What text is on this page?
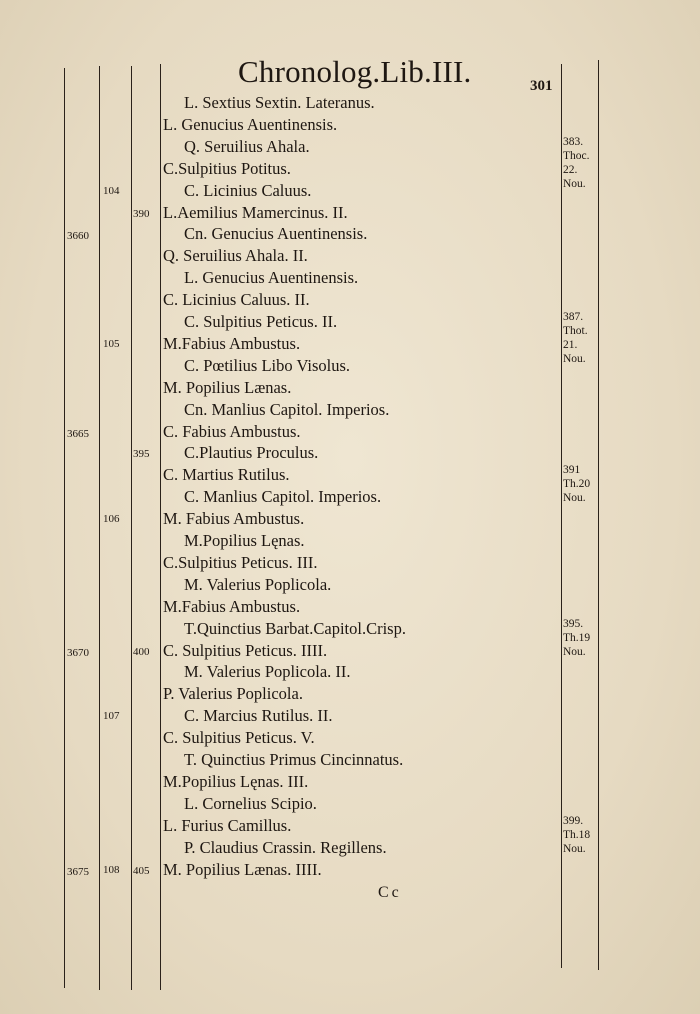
Chronolog.Lib.III.	301
L. Sextius Sextin. Lateranus.
L. Genucius Auentinensis.
Q. Seruilius Ahala.
C.Sulpitius Potitus.
C. Licinius Caluus.
L.Aemilius Mamercinus. II.
Cn. Genucius Auentinensis.
Q. Seruilius Ahala. II.
L. Genucius Auentinensis.
C. Licinius Caluus. II.
C. Sulpitius Peticus. II.
M.Fabius Ambustus.
C. Pœtilius Libo Visolus.
M. Popilius Lænas.
Cn. Manlius Capitol. Imperios.
C. Fabius Ambustus.
C.Plautius Proculus.
C. Martius Rutilus.
C. Manlius Capitol. Imperios.
M. Fabius Ambustus.
M.Popilius Lęnas.
C.Sulpitius Peticus. III.
M. Valerius Poplicola.
M.Fabius Ambustus.
T.Quinctius Barbat.Capitol.Crisp.
C. Sulpitius Peticus. IIII.
M. Valerius Poplicola. II.
P. Valerius Poplicola.
C. Marcius Rutilus. II.
C. Sulpitius Peticus. V.
T. Quinctius Primus Cincinnatus.
M.Popilius Lęnas. III.
L. Cornelius Scipio.
L. Furius Camillus.
P. Claudius Crassin. Regillens.
M. Popilius Lænas. IIII.
3660
3665
3670
3675
104
105
106
107
108
390
395
400
405
383.
Thoc.
22.
Nou.
387.
Thot.
21.
Nou.
391
Th.20
Nou.
395.
Th.19
Nou.
399.
Th.18
Nou.
Cc
